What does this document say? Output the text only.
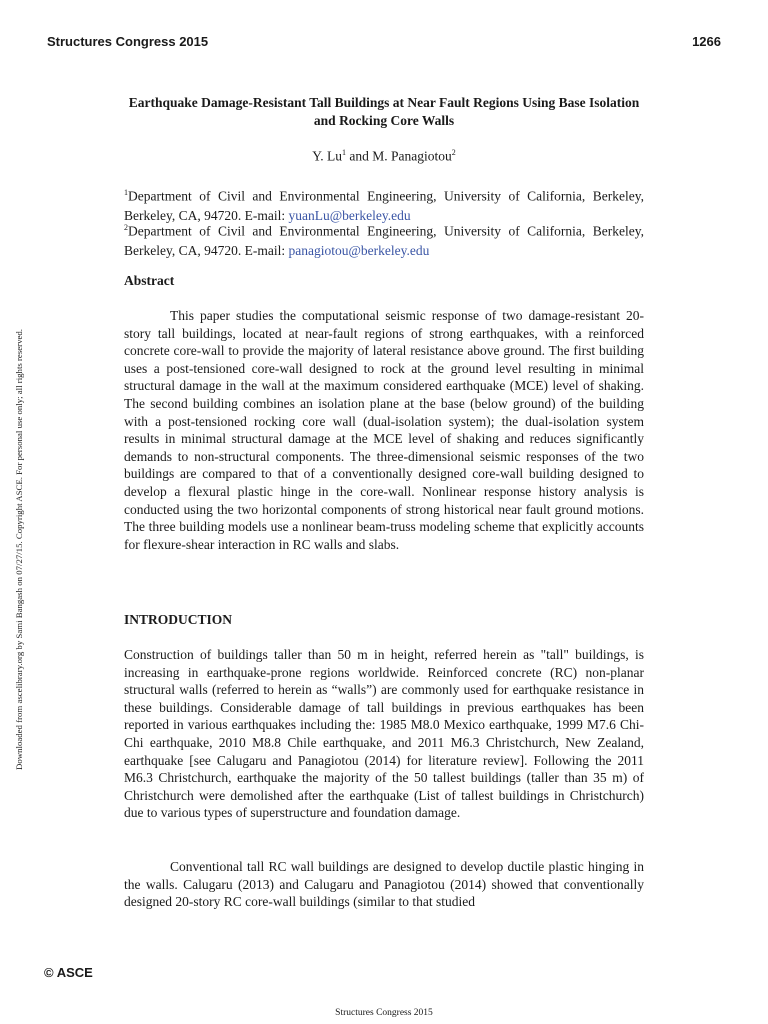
Structures Congress 2015	1266
Downloaded from ascelibrary.org by Sami Bangash on 07/27/15. Copyright ASCE. For personal use only; all rights reserved.
Earthquake Damage-Resistant Tall Buildings at Near Fault Regions Using Base Isolation and Rocking Core Walls
Y. Lu$^1$ and M. Panagiotou$^2$
$^1$Department of Civil and Environmental Engineering, University of California, Berkeley, Berkeley, CA, 94720. E-mail: yuanLu@berkeley.edu
$^2$Department of Civil and Environmental Engineering, University of California, Berkeley, Berkeley, CA, 94720. E-mail: panagiotou@berkeley.edu
Abstract
This paper studies the computational seismic response of two damage-resistant 20-story tall buildings, located at near-fault regions of strong earthquakes, with a reinforced concrete core-wall to provide the majority of lateral resistance above ground. The first building uses a post-tensioned core-wall designed to rock at the ground level resulting in minimal structural damage in the wall at the maximum considered earthquake (MCE) level of shaking. The second building combines an isolation plane at the base (below ground) of the building with a post-tensioned rocking core wall (dual-isolation system); the dual-isolation system results in minimal structural damage at the MCE level of shaking and reduces significantly demands to non-structural components. The three-dimensional seismic responses of the two buildings are compared to that of a conventionally designed core-wall building designed to develop a flexural plastic hinge in the core-wall. Nonlinear response history analysis is conducted using the two horizontal components of strong historical near fault ground motions. The three building models use a nonlinear beam-truss modeling scheme that explicitly accounts for flexure-shear interaction in RC walls and slabs.
INTRODUCTION
Construction of buildings taller than 50 m in height, referred herein as "tall" buildings, is increasing in earthquake-prone regions worldwide. Reinforced concrete (RC) non-planar structural walls (referred to herein as “walls”) are commonly used for earthquake resistance in these buildings. Considerable damage of tall buildings in previous earthquakes has been reported in various earthquakes including the: 1985 M8.0 Mexico earthquake, 1999 M7.6 Chi-Chi earthquake, 2010 M8.8 Chile earthquake, and 2011 M6.3 Christchurch, New Zealand, earthquake [see Calugaru and Panagiotou (2014) for literature review]. Following the 2011 M6.3 Christchurch, earthquake the majority of the 50 tallest buildings (taller than 35 m) of Christchurch were demolished after the earthquake (List of tallest buildings in Christchurch) due to various types of superstructure and foundation damage.
Conventional tall RC wall buildings are designed to develop ductile plastic hinging in the walls. Calugaru (2013) and Calugaru and Panagiotou (2014) showed that conventionally designed 20-story RC core-wall buildings (similar to that studied
© ASCE
Structures Congress 2015
